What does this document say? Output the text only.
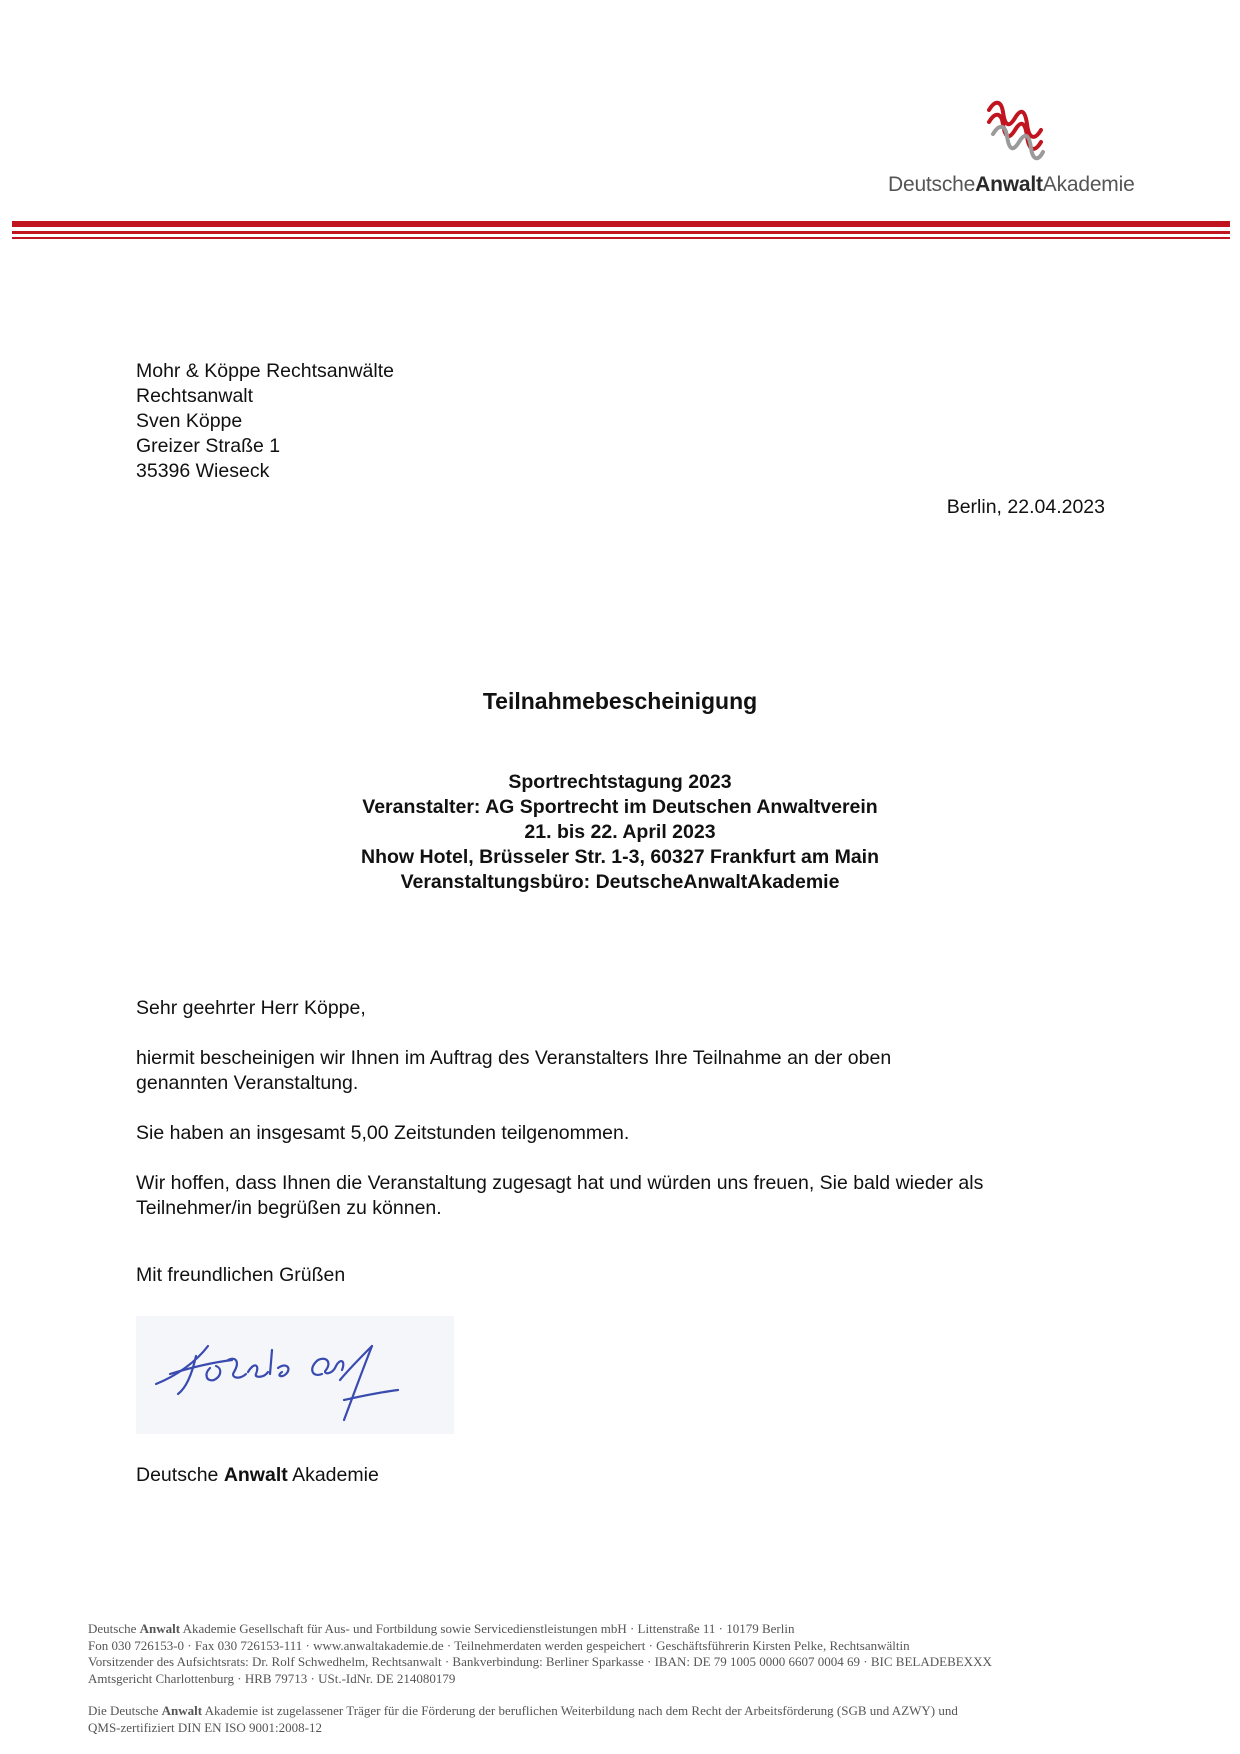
DeutscheAnwaltAkademie
Mohr & Köppe Rechtsanwälte
Rechtsanwalt
Sven Köppe
Greizer Straße 1
35396 Wieseck
Berlin, 22.04.2023
Teilnahmebescheinigung
Sportrechtstagung 2023
Veranstalter: AG Sportrecht im Deutschen Anwaltverein
21. bis 22. April 2023
Nhow Hotel, Brüsseler Str. 1-3, 60327 Frankfurt am Main
Veranstaltungsbüro: DeutscheAnwaltAkademie
Sehr geehrter Herr Köppe,
hiermit bescheinigen wir Ihnen im Auftrag des Veranstalters Ihre Teilnahme an der oben
genannten Veranstaltung.
Sie haben an insgesamt 5,00 Zeitstunden teilgenommen.
Wir hoffen, dass Ihnen die Veranstaltung zugesagt hat und würden uns freuen, Sie bald wieder als
Teilnehmer/in begrüßen zu können.
Mit freundlichen Grüßen
Deutsche Anwalt Akademie
Deutsche Anwalt Akademie Gesellschaft für Aus- und Fortbildung sowie Servicedienstleistungen mbH · Littenstraße 11 · 10179 Berlin
Fon 030 726153-0 · Fax 030 726153-111 · www.anwaltakademie.de · Teilnehmerdaten werden gespeichert · Geschäftsführerin Kirsten Pelke, Rechtsanwältin
Vorsitzender des Aufsichtsrats: Dr. Rolf Schwedhelm, Rechtsanwalt · Bankverbindung: Berliner Sparkasse · IBAN: DE 79 1005 0000 6607 0004 69 · BIC BELADEBEXXX
Amtsgericht Charlottenburg · HRB 79713 · USt.-IdNr. DE 214080179
Die Deutsche Anwalt Akademie ist zugelassener Träger für die Förderung der beruflichen Weiterbildung nach dem Recht der Arbeitsförderung (SGB und AZWY) und
QMS-zertifiziert DIN EN ISO 9001:2008-12
